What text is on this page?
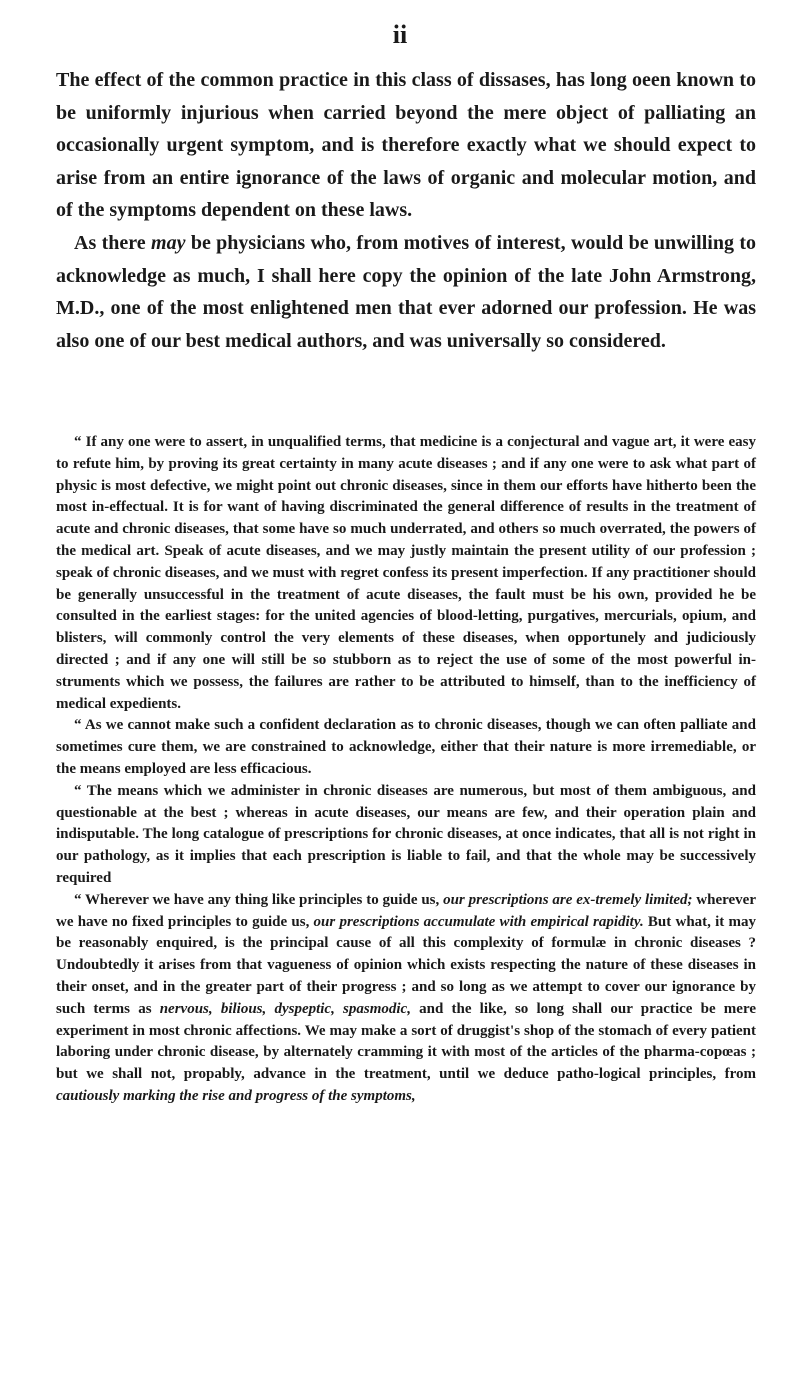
ii

The effect of the common practice in this class of dissases, has long oeen known to be uniformly injurious when carried beyond the mere object of palliating an occasionally urgent symptom, and is therefore exactly what we should expect to arise from an entire ignorance of the laws of organic and molecular motion, and of the symptoms dependent on these laws.

As there may be physicians who, from motives of interest, would be unwilling to acknowledge as much, I shall here copy the opinion of the late John Armstrong, M.D., one of the most enlightened men that ever adorned our profession. He was also one of our best medical authors, and was universally so considered.

“ If any one were to assert, in unqualified terms, that medicine is a conjectural and vague art, it were easy to refute him, by proving its great certainty in many acute diseases ; and if any one were to ask what part of physic is most defective, we might point out chronic diseases, since in them our efforts have hitherto been the most in-effectual. It is for want of having discriminated the general difference of results in the treatment of acute and chronic diseases, that some have so much underrated, and others so much overrated, the powers of the medical art. Speak of acute diseases, and we may justly maintain the present utility of our profession ; speak of chronic diseases, and we must with regret confess its present imperfection. If any practitioner should be generally unsuccessful in the treatment of acute diseases, the fault must be his own, provided he be consulted in the earliest stages: for the united agencies of blood-letting, purgatives, mercurials, opium, and blisters, will commonly control the very elements of these diseases, when opportunely and judiciously directed ; and if any one will still be so stubborn as to reject the use of some of the most powerful in-struments which we possess, the failures are rather to be attributed to himself, than to the inefficiency of medical expedients.

“ As we cannot make such a confident declaration as to chronic diseases, though we can often palliate and sometimes cure them, we are constrained to acknowledge, either that their nature is more irremediable, or the means employed are less efficacious.

“ The means which we administer in chronic diseases are numerous, but most of them ambiguous, and questionable at the best ; whereas in acute diseases, our means are few, and their operation plain and indisputable. The long catalogue of prescriptions for chronic diseases, at once indicates, that all is not right in our pathology, as it implies that each prescription is liable to fail, and that the whole may be successively required

“ Wherever we have any thing like principles to guide us, our prescriptions are ex-tremely limited; wherever we have no fixed principles to guide us, our prescriptions accumulate with empirical rapidity. But what, it may be reasonably enquired, is the principal cause of all this complexity of formulæ in chronic diseases ? Undoubtedly it arises from that vagueness of opinion which exists respecting the nature of these diseases in their onset, and in the greater part of their progress ; and so long as we attempt to cover our ignorance by such terms as nervous, bilious, dyspeptic, spasmodic, and the like, so long shall our practice be mere experiment in most chronic affections. We may make a sort of druggist's shop of the stomach of every patient laboring under chronic disease, by alternately cramming it with most of the articles of the pharma-copœas ; but we shall not, propably, advance in the treatment, until we deduce patho-logical principles, from cautiously marking the rise and progress of the symptoms,
